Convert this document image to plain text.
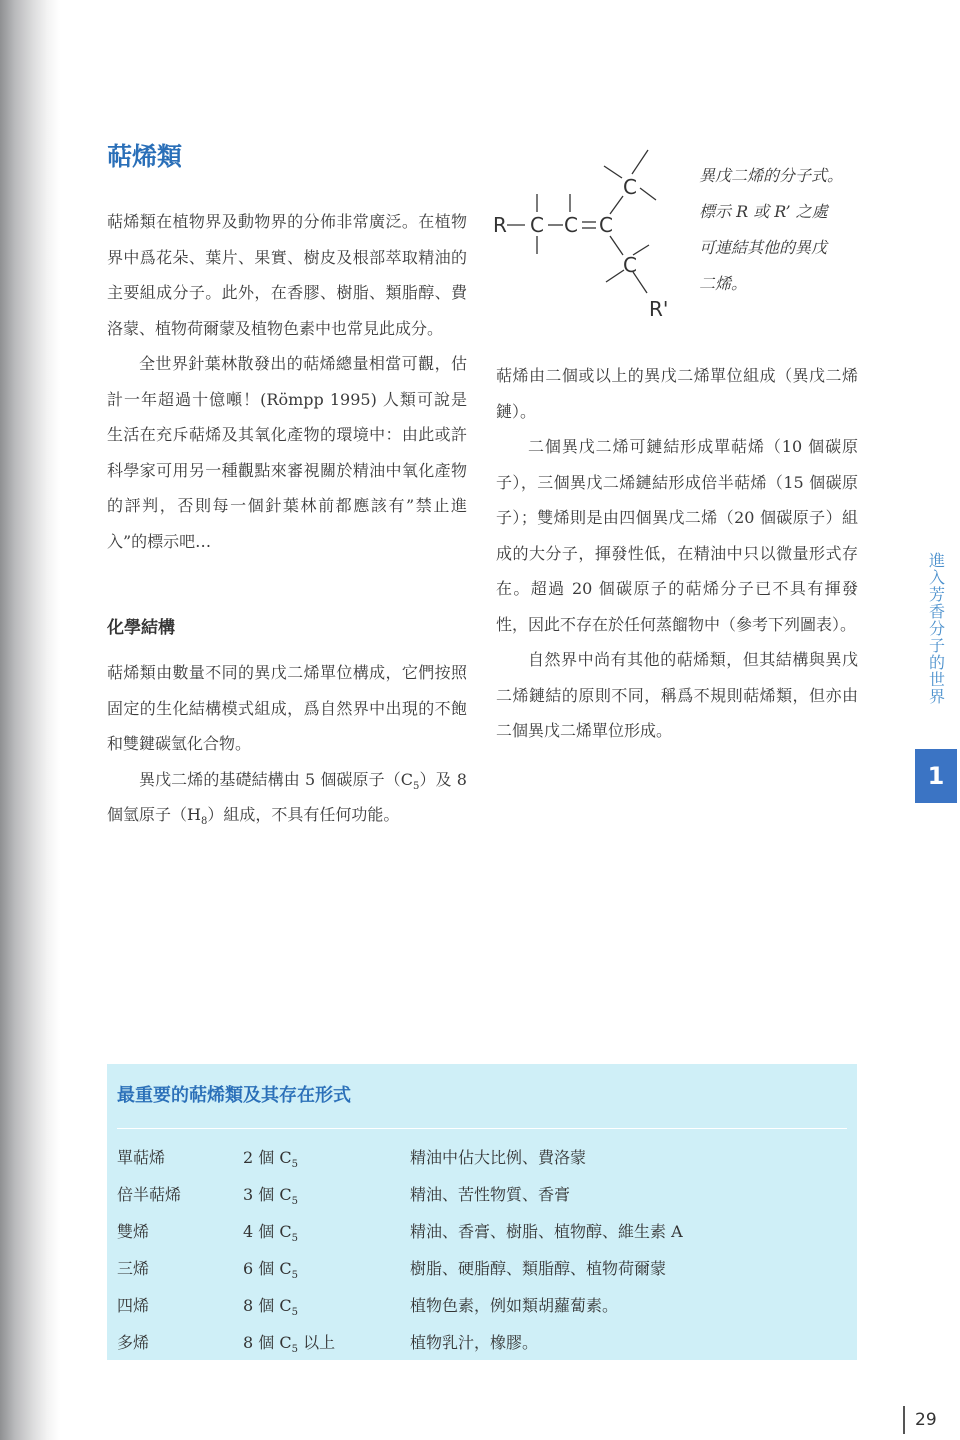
萜烯類

萜烯類在植物界及動物界的分佈非常廣泛。在植物界中爲花朵、葉片、果實、樹皮及根部萃取精油的主要組成分子。此外，在香膠、樹脂、類脂醇、費洛蒙、植物荷爾蒙及植物色素中也常見此成分。

全世界針葉林散發出的萜烯總量相當可觀，估計一年超過十億噸！(Römpp 1995) 人類可說是生活在充斥萜烯及其氧化產物的環境中：由此或許科學家可用另一種觀點來審視關於精油中氧化產物的評判，否則每一個針葉林前都應該有”禁止進入”的標示吧…

化學結構

萜烯類由數量不同的異戊二烯單位構成，它們按照固定的生化結構模式組成，爲自然界中出現的不飽和雙鍵碳氫化合物。

異戊二烯的基礎結構由 5 個碳原子$(C_5)$及 8 個氫原子$(H_8)$組成，不具有任何功能。

R C C C
C
C
R'
異戊二烯的分子式。
標示 R 或 R’ 之處
可連結其他的異戊
二烯。

萜烯由二個或以上的異戊二烯單位組成（異戊二烯鏈）。

二個異戊二烯可鏈結形成單萜烯（10 個碳原子），三個異戊二烯鏈結形成倍半萜烯（15 個碳原子）；雙烯則是由四個異戊二烯（20 個碳原子）組成的大分子，揮發性低，在精油中只以微量形式存在。超過 20 個碳原子的萜烯分子已不具有揮發性，因此不存在於任何蒸餾物中（參考下列圖表）。

自然界中尚有其他的萜烯類，但其結構與異戊二烯鏈結的原則不同，稱爲不規則萜烯類，但亦由二個異戊二烯單位形成。

進入芳香分子的世界
1
最重要的萜烯類及其存在形式
單萜烯	2 個 $C_5$	精油中佔大比例、費洛蒙
倍半萜烯	3 個 $C_5$	精油、苦性物質、香膏
雙烯	4 個 $C_5$	精油、香膏、樹脂、植物醇、維生素 A
三烯	6 個 $C_5$	樹脂、硬脂醇、類脂醇、植物荷爾蒙
四烯	8 個 $C_5$	植物色素，例如類胡蘿蔔素。
多烯	8 個 $C_5$ 以上	植物乳汁，橡膠。
29
